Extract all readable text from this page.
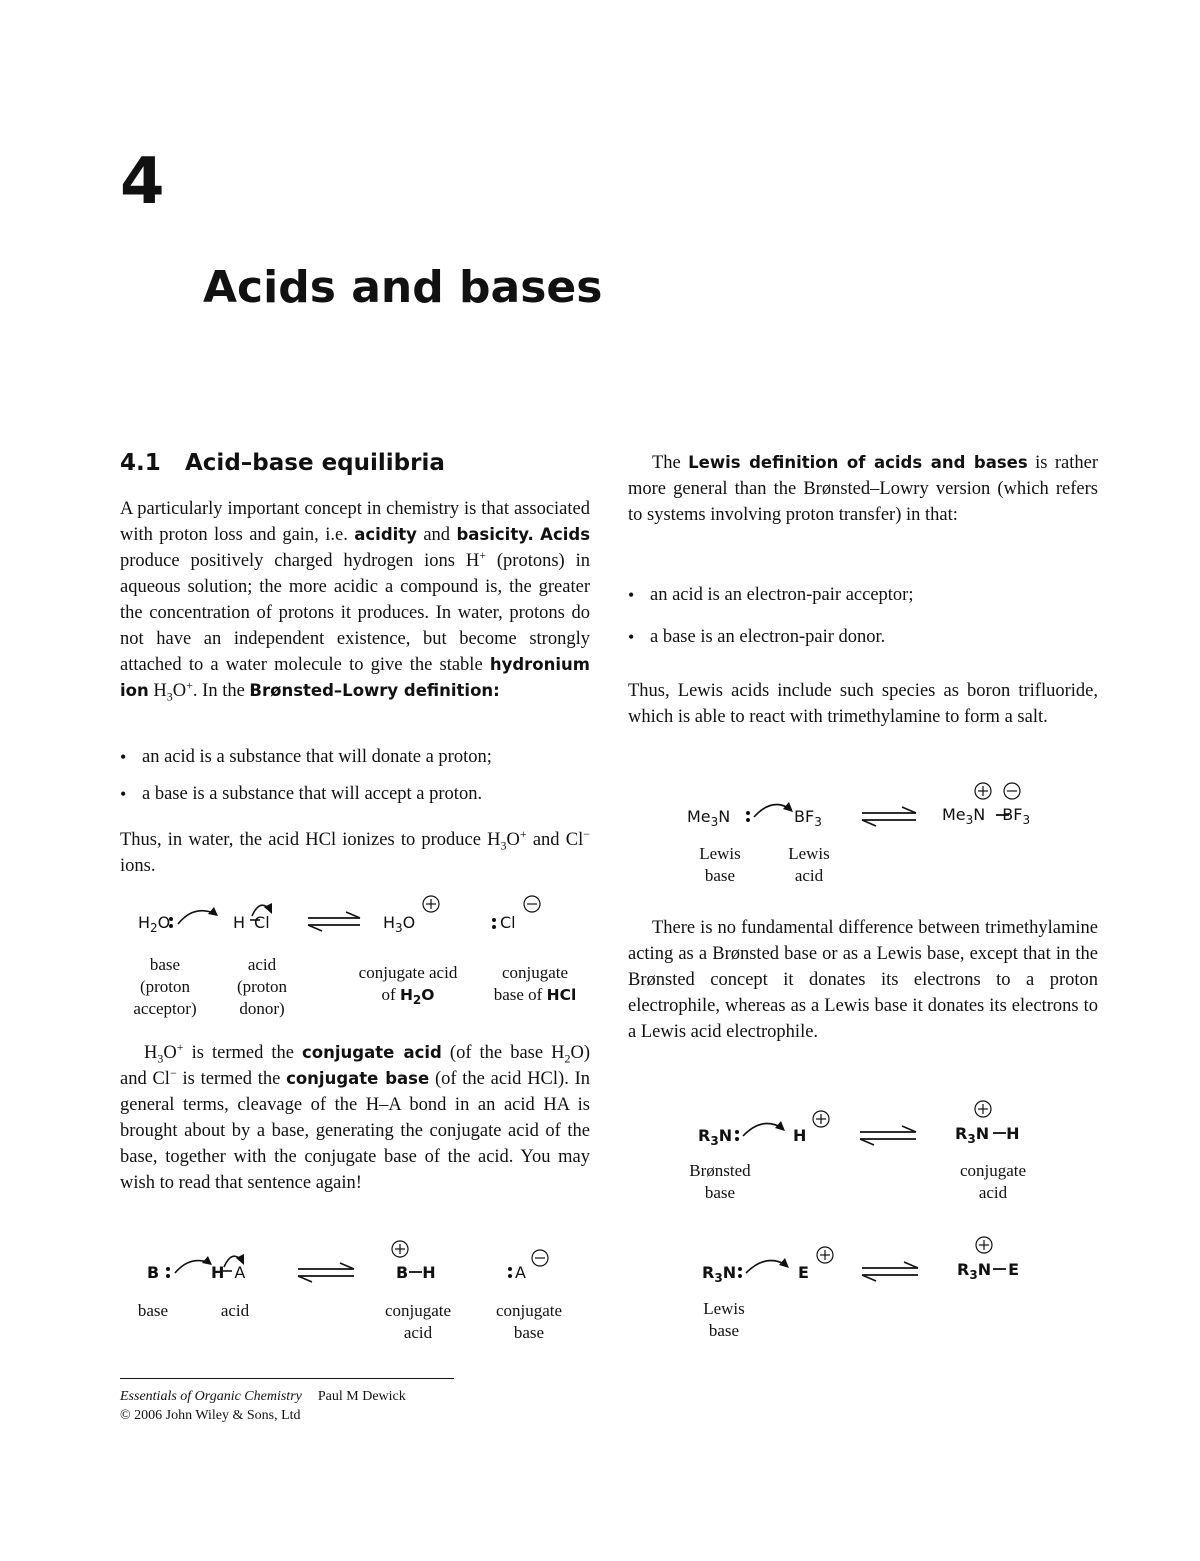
4
Acids and bases
4.1 Acid–base equilibria

A particularly important concept in chemistry is that associated with proton loss and gain, i.e. acidity and basicity. Acids produce positively charged hydrogen ions H+ (protons) in aqueous solution; the more acidic a compound is, the greater the concentration of protons it produces. In water, protons do not have an independent existence, but become strongly attached to a water molecule to give the stable hydronium ion $H_3O^+$. In the Brønsted–Lowry definition:

• an acid is a substance that will donate a proton;
• a base is a substance that will accept a proton.

Thus, in water, the acid HCl ionizes to produce $H_3O^+$ and Cl− ions.

$H_2O$	H Cl	$H_3O$	Cl
base
(proton
acceptor)
acid
(proton
donor)
conjugate acid
of $H_2O$
conjugate
base of HCl

$H_3O^+$ is termed the conjugate acid (of the base $H_2O$) and Cl− is termed the conjugate base (of the acid HCl). In general terms, cleavage of the H–A bond in an acid HA is brought about by a base, generating the conjugate acid of the base, together with the conjugate base of the acid. You may wish to read that sentence again!

B	H A	B H	A
base	acid	conjugate
acid
conjugate
base

The Lewis definition of acids and bases is rather more general than the Brønsted–Lowry version (which refers to systems involving proton transfer) in that:

• an acid is an electron-pair acceptor;
• a base is an electron-pair donor.

Thus, Lewis acids include such species as boron trifluoride, which is able to react with trimethylamine to form a salt.

$Me_3N$	$BF_3$	$Me_3N$ $BF_3$
Lewis
base
Lewis
acid

There is no fundamental difference between trimethylamine acting as a Brønsted base or as a Lewis base, except that in the Brønsted concept it donates its electrons to a proton electrophile, whereas as a Lewis base it donates its electrons to a Lewis acid electrophile.

$R_3N$	H	$R_3N$ H
Brønsted
base
conjugate
acid
$R_3N$	E	$R_3N$ E
Lewis
base
Essentials of Organic Chemistry Paul M Dewick
© 2006 John Wiley & Sons, Ltd
